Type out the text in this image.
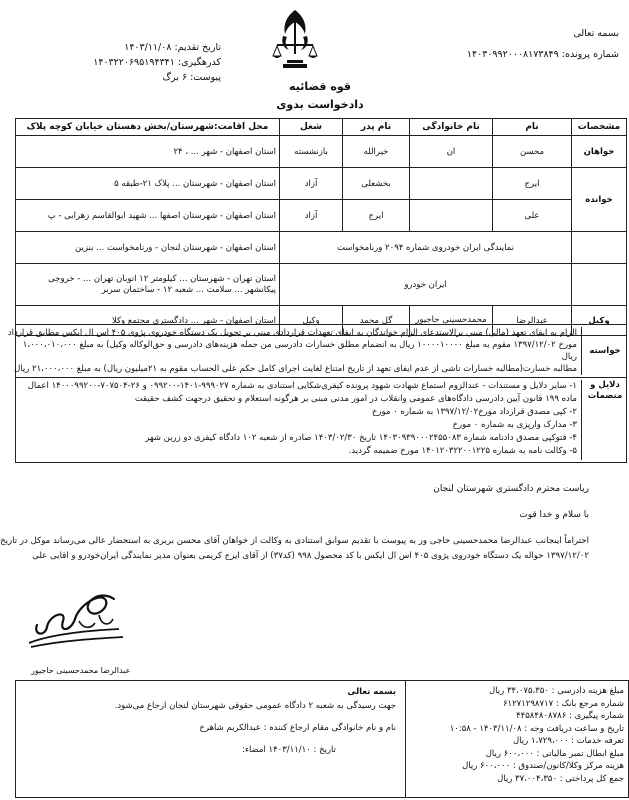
بسمه تعالی
شماره پرونده: ۱۴۰۳۰۹۹۲۰۰۰۸۱۷۳۸۴۹
تاریخ تقدیم: ۱۴۰۳/۱۱/۰۸
کدرهگیری: ۱۴۰۳۲۲۰۶۹۵۱۹۴۳۴۱
پیوست: ۶ برگ
قوه قضائیه
دادخواست بدوی
مشخصات	نام	نام خانوادگی	نام پدر	شغل	محل اقامت:شهرستان/بخش دهستان خیابان کوچه پلاک
خواهان	محسن	ان	خیرالله	بازنشسته	استان اصفهان - شهر ... ، ۲۴
خوانده	ایرج		بخشعلی	آزاد	استان اصفهان - شهرستان ... پلاک ۲۱-طبقه ۵
	علی		ایرج	آزاد	استان اصفهان - شهرستان اصفها ... شهید ابوالقاسم زهرایی - پ
	نمایندگی ایران خودروی شماره ۲۰۹۴ ورنامخواست				استان اصفهان - شهرستان لنجان - ورنامخواست ... بنزین
	ایران خودرو				استان تهران - شهرستان ... کیلومتر ۱۲ اتوبان تهران ... - خروجی پیکانشهر ... سلامت ... شعبه ۱۲ - ساختمان سربر
وکیل	عبدالرضا	محمدحسینی حاجیور	گل محمد	وکیل	استان اصفهان - شهر ... دادگستری مجتمع وکلا
خواسته
الزام به ایفای تعهد (مالی) مبنی برالاستدعای الزام خواندگان به ایفای تعهدات قراردادی مبنی بر تحویل یک دستگاه خودروی پژوی ۴۰۵ اس ال ایکس مطابق قرارداد
مورخ ۱۳۹۷/۱۲/۰۲ مقوم به مبلغ ۱۰۰۰۰۱۰۰۰۰ ریال به انضمام مطلق خسارات دادرسی من جمله هزینه‌های دادرسی و حق‌الوکاله وکیل) به مبلغ ۱،۰۰۰،۰۱۰،۰۰۰
ریال
مطالبه خسارت(مطالبه خسارات ناشی از عدم ایفای تعهد از تاریخ امتناع لغایت اجرای کامل حکم علی الحساب مقوم به ۲۱میلیون ریال) به مبلغ ۲۱،۰۰۰،۰۰۰ ریال
دلایل و منضمات
۱- سایر دلایل و مستندات - عندالزوم استماع شهادت شهود پرونده کیفری‌شکایی استنادی به شماره ۹۹۹۰۲۷-۱۴۰۱-۰۹۹۲۰۰ و ۲۶-۷۰۷۵۰۴-۱۴۰۰۰۹۹۲۰۰ اعمال
ماده ۱۹۹ قانون آیین دادرسی دادگاه‌های عمومی وانقلاب در امور مدنی مبنی بر هرگونه استعلام و تحقیق درجهت کشف حقیقت
۲- کپی مصدق قرارداد مورخ۱۳۹۷/۱۲/۰۲ به شماره ۰ مورخ
۳- مدارک وارپزی به شماره ۰ مورخ
۴- فتوکپی مصدق دادنامه شماره ۱۴۰۳۰۹۳۹۰۰۰۲۴۵۵۰۸۳ تاریخ ۱۴۰۳/۰۲/۳۰ صادره از شعبه ۱۰۲ دادگاه کیفری دو زرین شهر
۵- وکالت نامه به شماره ۱۴۰۱۲۰۳۲۲۰۰۱۲۲۵ مورخ ضمیمه گردید.
ریاست محترم دادگستری شهرستان لنجان
با سلام و خدا قوت
احتراماً اینجانب عبدالرضا محمدحسینی حاجی ور به پیوست با تقدیم سوابق استنادی به وکالت از خواهان آقای محسن بربری به استحضار عالی می‌رساند موکل در تاریخ
۱۳۹۷/۱۲/۰۲ حواله یک دستگاه خودروی پژوی ۴۰۵ اس ال ایکس با کد محصول ۹۹۸ (کد۳۷) از آقای ایرج کریمی بعنوان مدیر نمایندگی ایران‌خودرو و اقایی علی
عبدالرضا محمدحسینی حاجیور
مبلغ هزینه دادرسی : ۳۴،۰۷۵،۳۵۰ ریال
شماره مرجع بانک : ۶۱۲۷۱۲۹۸۷۱۷
شماره پیگیری : ۴۴۵۸۴۸۰۸۷۸۶
تاریخ و ساعت دریافت وجه : ۱۴۰۳/۱۱/۰۸ - ۱۰:۵۸
تعرفه خدمات : ۱،۷۲۹،۰۰۰ ریال
مبلغ ابطال تمبر مالیاتی : ۶۰۰،۰۰۰ ریال
هزینه مرکز وکلا/کانون/صندوق : ۶۰۰،۰۰۰ ریال
جمع کل پرداختی : ۳۷،۰۰۴،۳۵۰ ریال
بسمه تعالی
جهت رسیدگی به شعبه ۲ دادگاه عمومی حقوقی شهرستان لنجان ارجاع می‌شود.
نام و نام خانوادگی مقام ارجاع کننده : عبدالکریم شاهرخ
تاریخ : ۱۴۰۳/۱۱/۱۰ امضاء:
